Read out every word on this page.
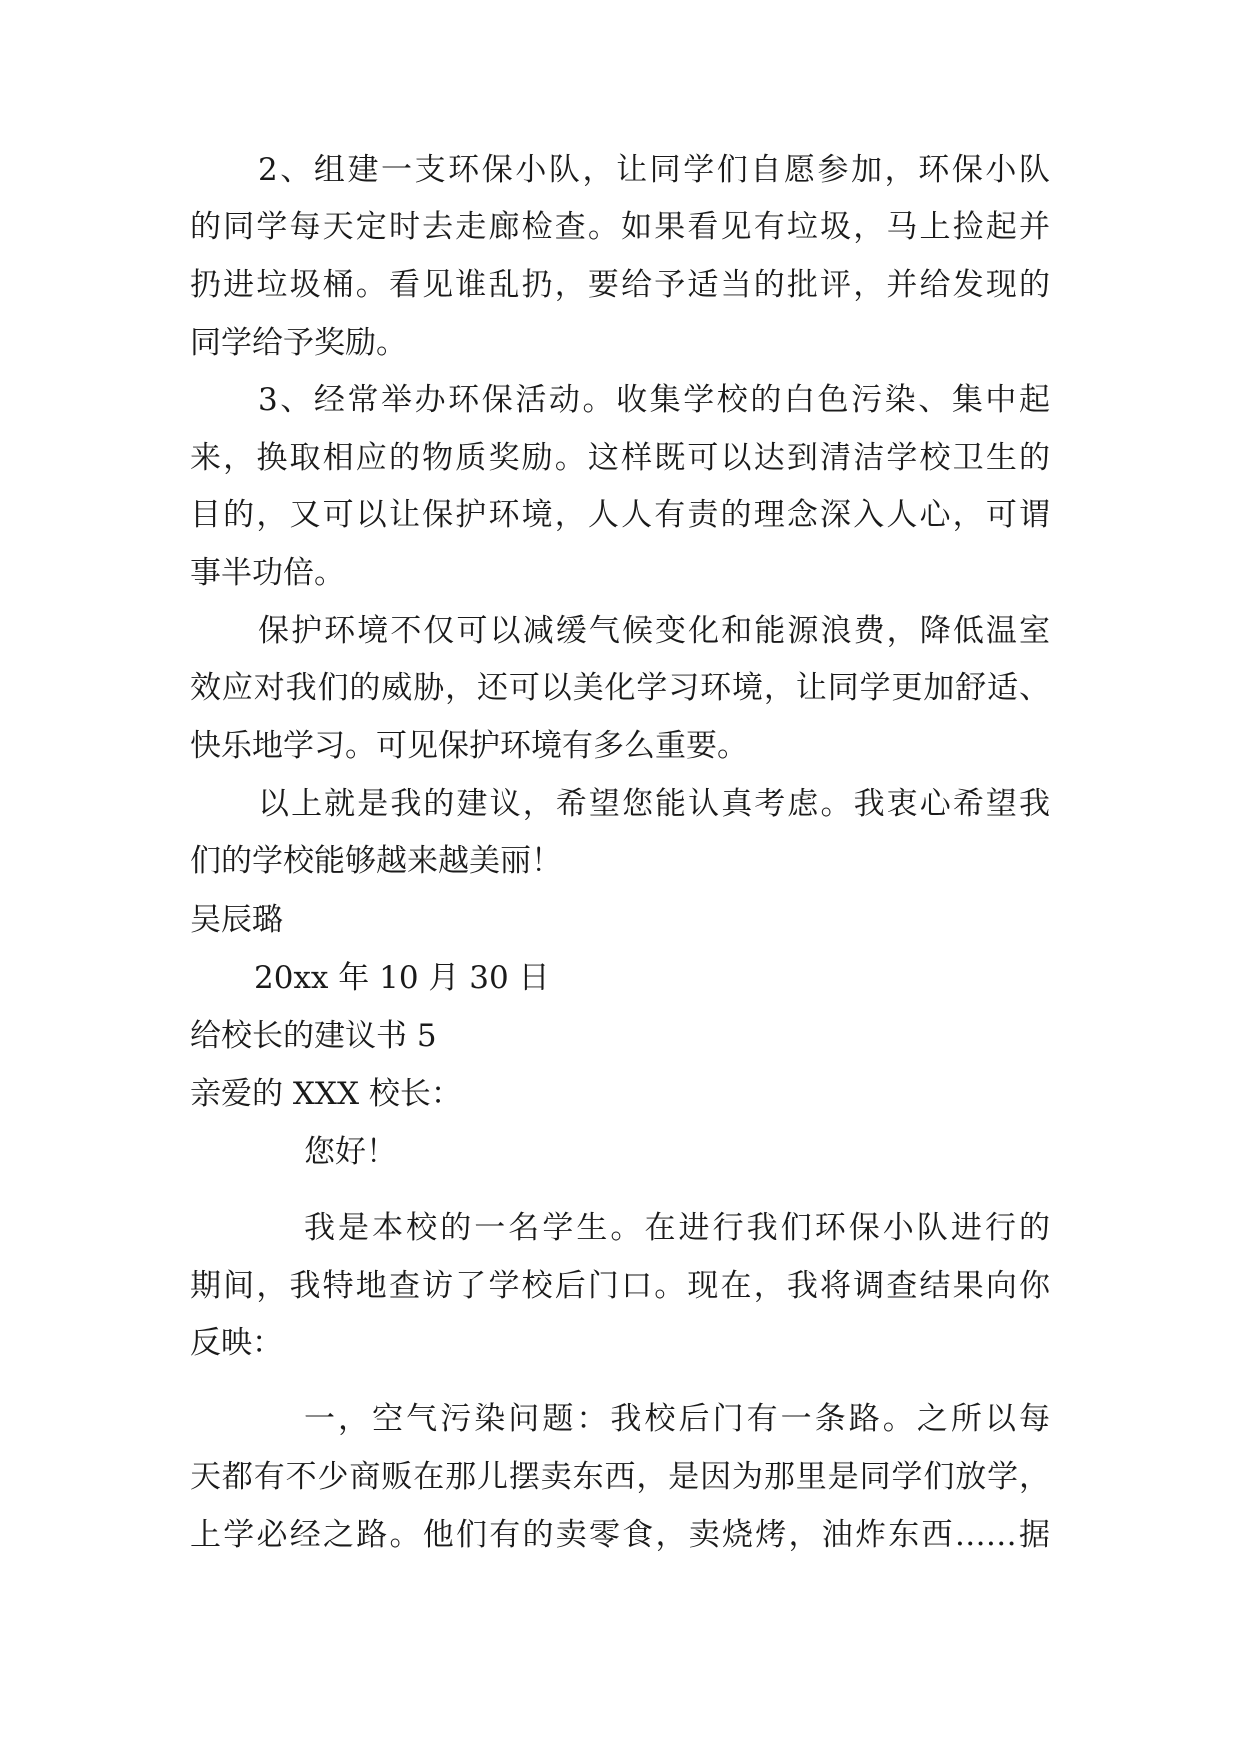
2、组建一支环保小队，让同学们自愿参加，环保小队
的同学每天定时去走廊检查。如果看见有垃圾，马上捡起并
扔进垃圾桶。看见谁乱扔，要给予适当的批评，并给发现的
同学给予奖励。
3、经常举办环保活动。收集学校的白色污染、集中起
来，换取相应的物质奖励。这样既可以达到清洁学校卫生的
目的，又可以让保护环境，人人有责的理念深入人心，可谓
事半功倍。
保护环境不仅可以减缓气候变化和能源浪费，降低温室
效应对我们的威胁，还可以美化学习环境，让同学更加舒适、
快乐地学习。可见保护环境有多么重要。
以上就是我的建议，希望您能认真考虑。我衷心希望我
们的学校能够越来越美丽！
吴辰璐
20xx 年 10 月 30 日
给校长的建议书 5
亲爱的 XXX 校长：
您好！
我是本校的一名学生。在进行我们环保小队进行的
期间，我特地查访了学校后门口。现在，我将调查结果向你
反映：
一，空气污染问题：我校后门有一条路。之所以每
天都有不少商贩在那儿摆卖东西，是因为那里是同学们放学，
上学必经之路。他们有的卖零食，卖烧烤，油炸东西……据
